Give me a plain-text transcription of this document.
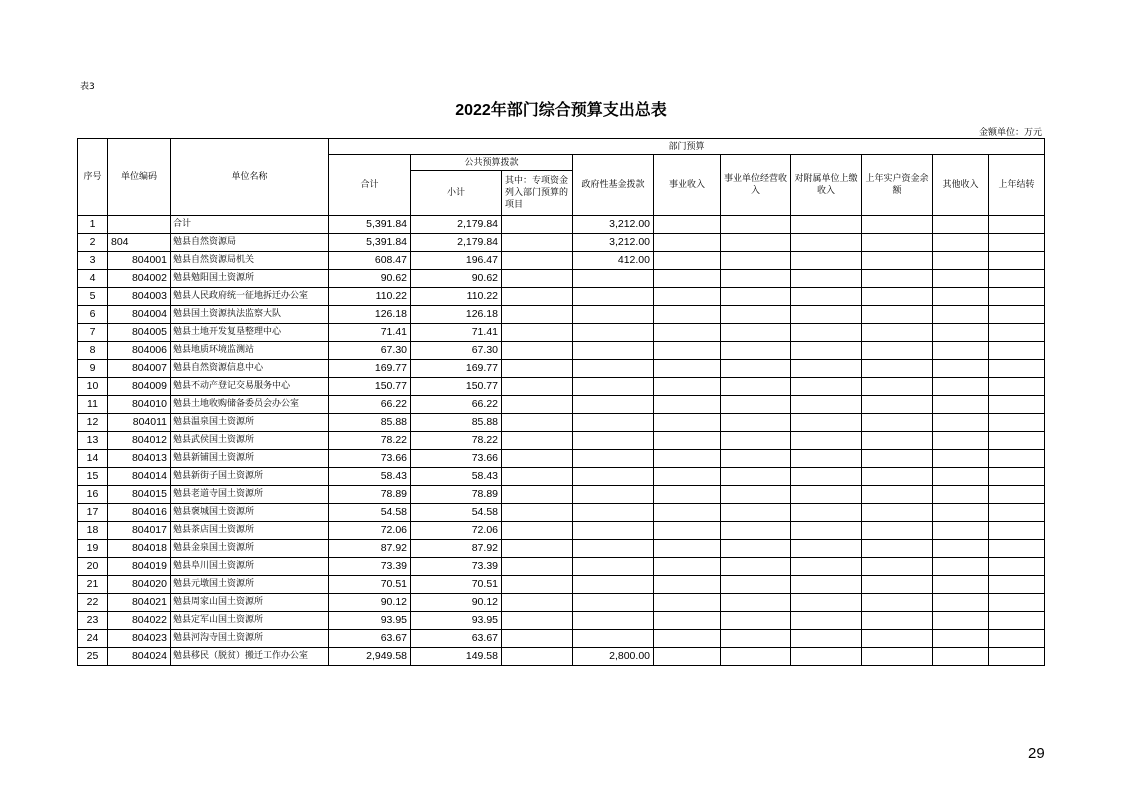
表3
2022年部门综合预算支出总表
金额单位：万元
序号	单位编码	单位名称	部门预算									
			合计	公共预算拨款		政府性基金拨款	事业收入	事业单位经营收入	对附属单位上缴收入	上年实户资金余额	其他收入	上年结转
				小计	其中：专项资金列入部门预算的项目							
1		合计	5,391.84	2,179.84		3,212.00						
2	804	勉县自然资源局	5,391.84	2,179.84		3,212.00						
3	804001	勉县自然资源局机关	608.47	196.47		412.00						
4	804002	勉县勉阳国土资源所	90.62	90.62								
5	804003	勉县人民政府统一征地拆迁办公室	110.22	110.22								
6	804004	勉县国土资源执法监察大队	126.18	126.18								
7	804005	勉县土地开发复垦整理中心	71.41	71.41								
8	804006	勉县地质环境监测站	67.30	67.30								
9	804007	勉县自然资源信息中心	169.77	169.77								
10	804009	勉县不动产登记交易服务中心	150.77	150.77								
11	804010	勉县土地收购储备委员会办公室	66.22	66.22								
12	804011	勉县温泉国土资源所	85.88	85.88								
13	804012	勉县武侯国土资源所	78.22	78.22								
14	804013	勉县新铺国土资源所	73.66	73.66								
15	804014	勉县新街子国土资源所	58.43	58.43								
16	804015	勉县老道寺国土资源所	78.89	78.89								
17	804016	勉县褒城国土资源所	54.58	54.58								
18	804017	勉县茶店国土资源所	72.06	72.06								
19	804018	勉县金泉国土资源所	87.92	87.92								
20	804019	勉县阜川国土资源所	73.39	73.39								
21	804020	勉县元墩国土资源所	70.51	70.51								
22	804021	勉县周家山国土资源所	90.12	90.12								
23	804022	勉县定军山国土资源所	93.95	93.95								
24	804023	勉县河沟寺国土资源所	63.67	63.67								
25	804024	勉县移民（脱贫）搬迁工作办公室	2,949.58	149.58		2,800.00						
29
